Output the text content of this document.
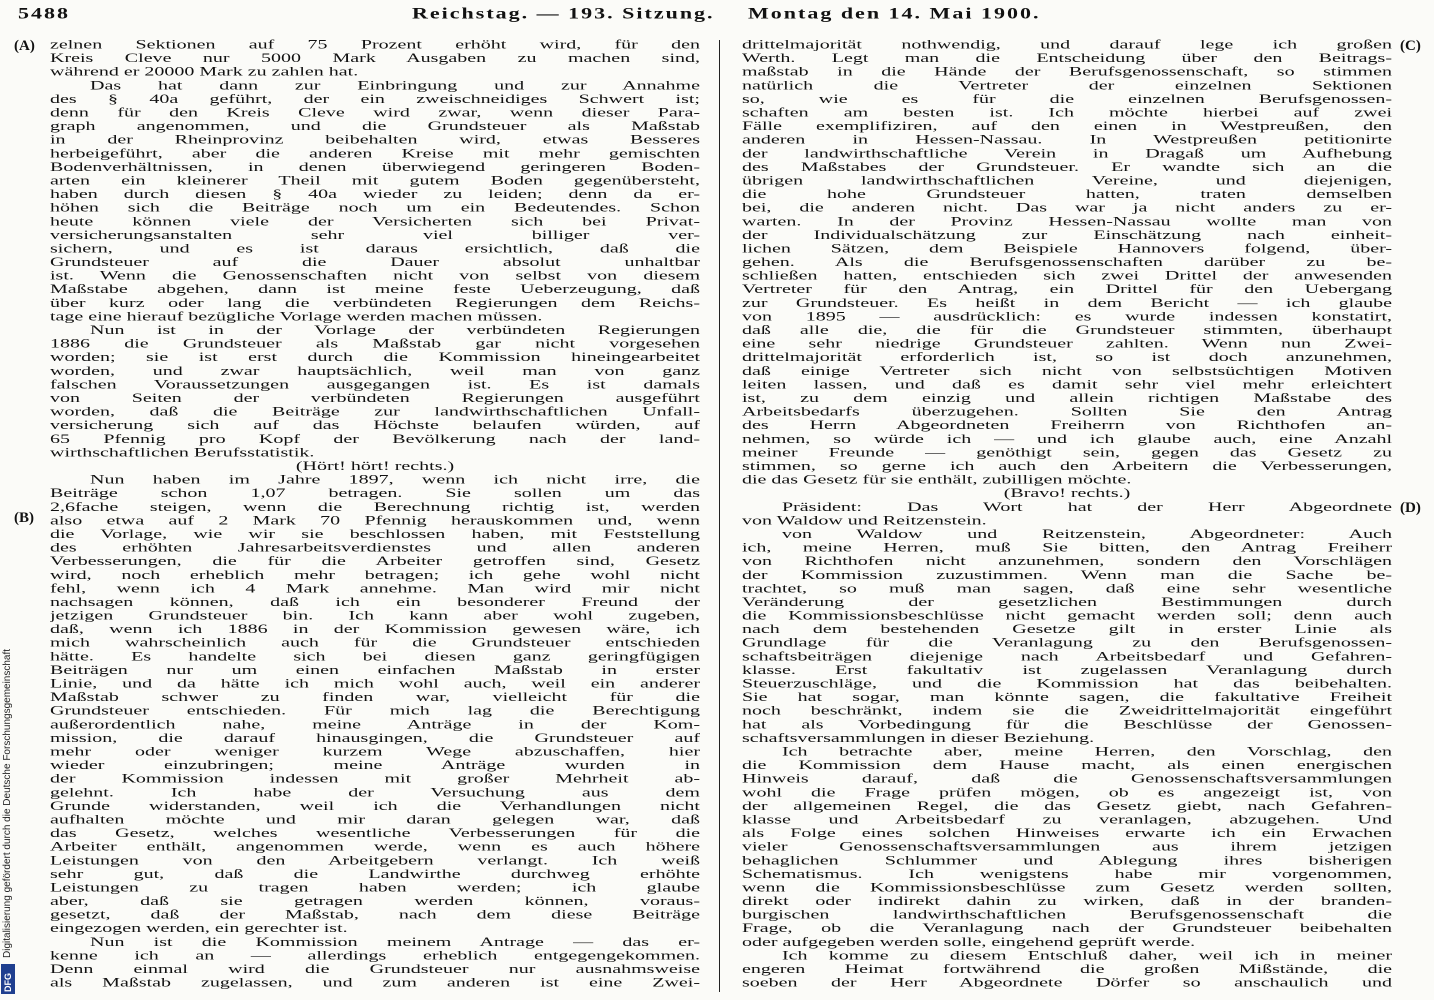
5488	Reichstag. — 193. Sitzung. Montag den 14. Mai 1900.
(A)
(B)
(C)
(D)
zelnen Sektionen auf 75 Prozent erhöht wird, für den
Kreis Cleve nur 5000 Mark Ausgaben zu machen sind,
während er 20000 Mark zu zahlen hat.
Das hat dann zur Einbringung und zur Annahme
des § 40a geführt, der ein zweischneidiges Schwert ist;
denn für den Kreis Cleve wird zwar, wenn dieser Para-
graph angenommen, und die Grundsteuer als Maßstab
in der Rheinprovinz beibehalten wird, etwas Besseres
herbeigeführt, aber die anderen Kreise mit mehr gemischten
Bodenverhältnissen, in denen überwiegend geringeren Boden-
arten ein kleinerer Theil mit gutem Boden gegenübersteht,
haben durch diesen § 40a wieder zu leiden; denn da er-
höhen sich die Beiträge noch um ein Bedeutendes. Schon
heute können viele der Versicherten sich bei Privat-
versicherungsanstalten sehr viel billiger ver-
sichern, und es ist daraus ersichtlich, daß die
Grundsteuer auf die Dauer absolut unhaltbar
ist. Wenn die Genossenschaften nicht von selbst von diesem
Maßstabe abgehen, dann ist meine feste Ueberzeugung, daß
über kurz oder lang die verbündeten Regierungen dem Reichs-
tage eine hierauf bezügliche Vorlage werden machen müssen.
Nun ist in der Vorlage der verbündeten Regierungen
1886 die Grundsteuer als Maßstab gar nicht vorgesehen
worden; sie ist erst durch die Kommission hineingearbeitet
worden, und zwar hauptsächlich, weil man von ganz
falschen Voraussetzungen ausgegangen ist. Es ist damals
von Seiten der verbündeten Regierungen ausgeführt
worden, daß die Beiträge zur landwirthschaftlichen Unfall-
versicherung sich auf das Höchste belaufen würden, auf
65 Pfennig pro Kopf der Bevölkerung nach der land-
wirthschaftlichen Berufsstatistik.
(Hört! hört! rechts.)
Nun haben im Jahre 1897, wenn ich nicht irre, die
Beiträge schon 1,07 betragen. Sie sollen um das
2,6fache steigen, wenn die Berechnung richtig ist, werden
also etwa auf 2 Mark 70 Pfennig herauskommen und, wenn
die Vorlage, wie wir sie beschlossen haben, mit Feststellung
des erhöhten Jahresarbeitsverdienstes und allen anderen
Verbesserungen, die für die Arbeiter getroffen sind, Gesetz
wird, noch erheblich mehr betragen; ich gehe wohl nicht
fehl, wenn ich 4 Mark annehme. Man wird mir nicht
nachsagen können, daß ich ein besonderer Freund der
jetzigen Grundsteuer bin. Ich kann aber wohl zugeben,
daß, wenn ich 1886 in der Kommission gewesen wäre, ich
mich wahrscheinlich auch für die Grundsteuer entschieden
hätte. Es handelte sich bei diesen ganz geringfügigen
Beiträgen nur um einen einfachen Maßstab in erster
Linie, und da hätte ich mich wohl auch, weil ein anderer
Maßstab schwer zu finden war, vielleicht für die
Grundsteuer entschieden. Für mich lag die Berechtigung
außerordentlich nahe, meine Anträge in der Kom-
mission, die darauf hinausgingen, die Grundsteuer auf
mehr oder weniger kurzem Wege abzuschaffen, hier
wieder einzubringen; meine Anträge wurden in
der Kommission indessen mit großer Mehrheit ab-
gelehnt. Ich habe der Versuchung aus dem
Grunde widerstanden, weil ich die Verhandlungen nicht
aufhalten möchte und mir daran gelegen war, daß
das Gesetz, welches wesentliche Verbesserungen für die
Arbeiter enthält, angenommen werde, wenn es auch höhere
Leistungen von den Arbeitgebern verlangt. Ich weiß
sehr gut, daß die Landwirthe durchweg erhöhte
Leistungen zu tragen haben werden; ich glaube
aber, daß sie getragen werden können, voraus-
gesetzt, daß der Maßstab, nach dem diese Beiträge
eingezogen werden, ein gerechter ist.
Nun ist die Kommission meinem Antrage — das er-
kenne ich an — allerdings erheblich entgegengekommen.
Denn einmal wird die Grundsteuer nur ausnahmsweise
als Maßstab zugelassen, und zum anderen ist eine Zwei-
drittelmajorität nothwendig, und darauf lege ich großen
Werth. Legt man die Entscheidung über den Beitrags-
maßstab in die Hände der Berufsgenossenschaft, so stimmen
natürlich die Vertreter der einzelnen Sektionen
so, wie es für die einzelnen Berufsgenossen-
schaften am besten ist. Ich möchte hierbei auf zwei
Fälle exemplifiziren, auf den einen in Westpreußen, den
anderen in Hessen-Nassau. In Westpreußen petitionirte
der landwirthschaftliche Verein in Dragaß um Aufhebung
des Maßstabes der Grundsteuer. Er wandte sich an die
übrigen landwirthschaftlichen Vereine, und diejenigen,
die hohe Grundsteuer hatten, traten demselben
bei, die anderen nicht. Das war ja nicht anders zu er-
warten. In der Provinz Hessen-Nassau wollte man von
der Individualschätzung zur Einschätzung nach einheit-
lichen Sätzen, dem Beispiele Hannovers folgend, über-
gehen. Als die Berufsgenossenschaften darüber zu be-
schließen hatten, entschieden sich zwei Drittel der anwesenden
Vertreter für den Antrag, ein Drittel für den Uebergang
zur Grundsteuer. Es heißt in dem Bericht — ich glaube
von 1895 — ausdrücklich: es wurde indessen konstatirt,
daß alle die, die für die Grundsteuer stimmten, überhaupt
eine sehr niedrige Grundsteuer zahlten. Wenn nun Zwei-
drittelmajorität erforderlich ist, so ist doch anzunehmen,
daß einige Vertreter sich nicht von selbstsüchtigen Motiven
leiten lassen, und daß es damit sehr viel mehr erleichtert
ist, zu dem einzig und allein richtigen Maßstabe des
Arbeitsbedarfs überzugehen. Sollten Sie den Antrag
des Herrn Abgeordneten Freiherrn von Richthofen an-
nehmen, so würde ich — und ich glaube auch, eine Anzahl
meiner Freunde — genöthigt sein, gegen das Gesetz zu
stimmen, so gerne ich auch den Arbeitern die Verbesserungen,
die das Gesetz für sie enthält, zubilligen möchte.
(Bravo! rechts.)
Präsident: Das Wort hat der Herr Abgeordnete
von Waldow und Reitzenstein.
von Waldow und Reitzenstein, Abgeordneter: Auch
ich, meine Herren, muß Sie bitten, den Antrag Freiherr
von Richthofen nicht anzunehmen, sondern den Vorschlägen
der Kommission zuzustimmen. Wenn man die Sache be-
trachtet, so muß man sagen, daß eine sehr wesentliche
Veränderung der gesetzlichen Bestimmungen durch
die Kommissionsbeschlüsse nicht gemacht werden soll; denn auch
nach dem bestehenden Gesetze gilt in erster Linie als
Grundlage für die Veranlagung zu den Berufsgenossen-
schaftsbeiträgen diejenige nach Arbeitsbedarf und Gefahren-
klasse. Erst fakultativ ist zugelassen Veranlagung durch
Steuerzuschläge, und die Kommission hat das beibehalten.
Sie hat sogar, man könnte sagen, die fakultative Freiheit
noch beschränkt, indem sie die Zweidrittelmajorität eingeführt
hat als Vorbedingung für die Beschlüsse der Genossen-
schaftsversammlungen in dieser Beziehung.
Ich betrachte aber, meine Herren, den Vorschlag, den
die Kommission dem Hause macht, als einen energischen
Hinweis darauf, daß die Genossenschaftsversammlungen
wohl die Frage prüfen mögen, ob es angezeigt ist, von
der allgemeinen Regel, die das Gesetz giebt, nach Gefahren-
klasse und Arbeitsbedarf zu veranlagen, abzugehen. Und
als Folge eines solchen Hinweises erwarte ich ein Erwachen
vieler Genossenschaftsversammlungen aus ihrem jetzigen
behaglichen Schlummer und Ablegung ihres bisherigen
Schematismus. Ich wenigstens habe mir vorgenommen,
wenn die Kommissionsbeschlüsse zum Gesetz werden sollten,
direkt oder indirekt dahin zu wirken, daß in der branden-
burgischen landwirthschaftlichen Berufsgenossenschaft die
Frage, ob die Veranlagung nach der Grundsteuer beibehalten
oder aufgegeben werden solle, eingehend geprüft werde.
Ich komme zu diesem Entschluß daher, weil ich in meiner
engeren Heimat fortwährend die großen Mißstände, die
soeben der Herr Abgeordnete Dörfer so anschaulich und
Digitalisierung gefördert durch die Deutsche Forschungsgemeinschaft
DFG
